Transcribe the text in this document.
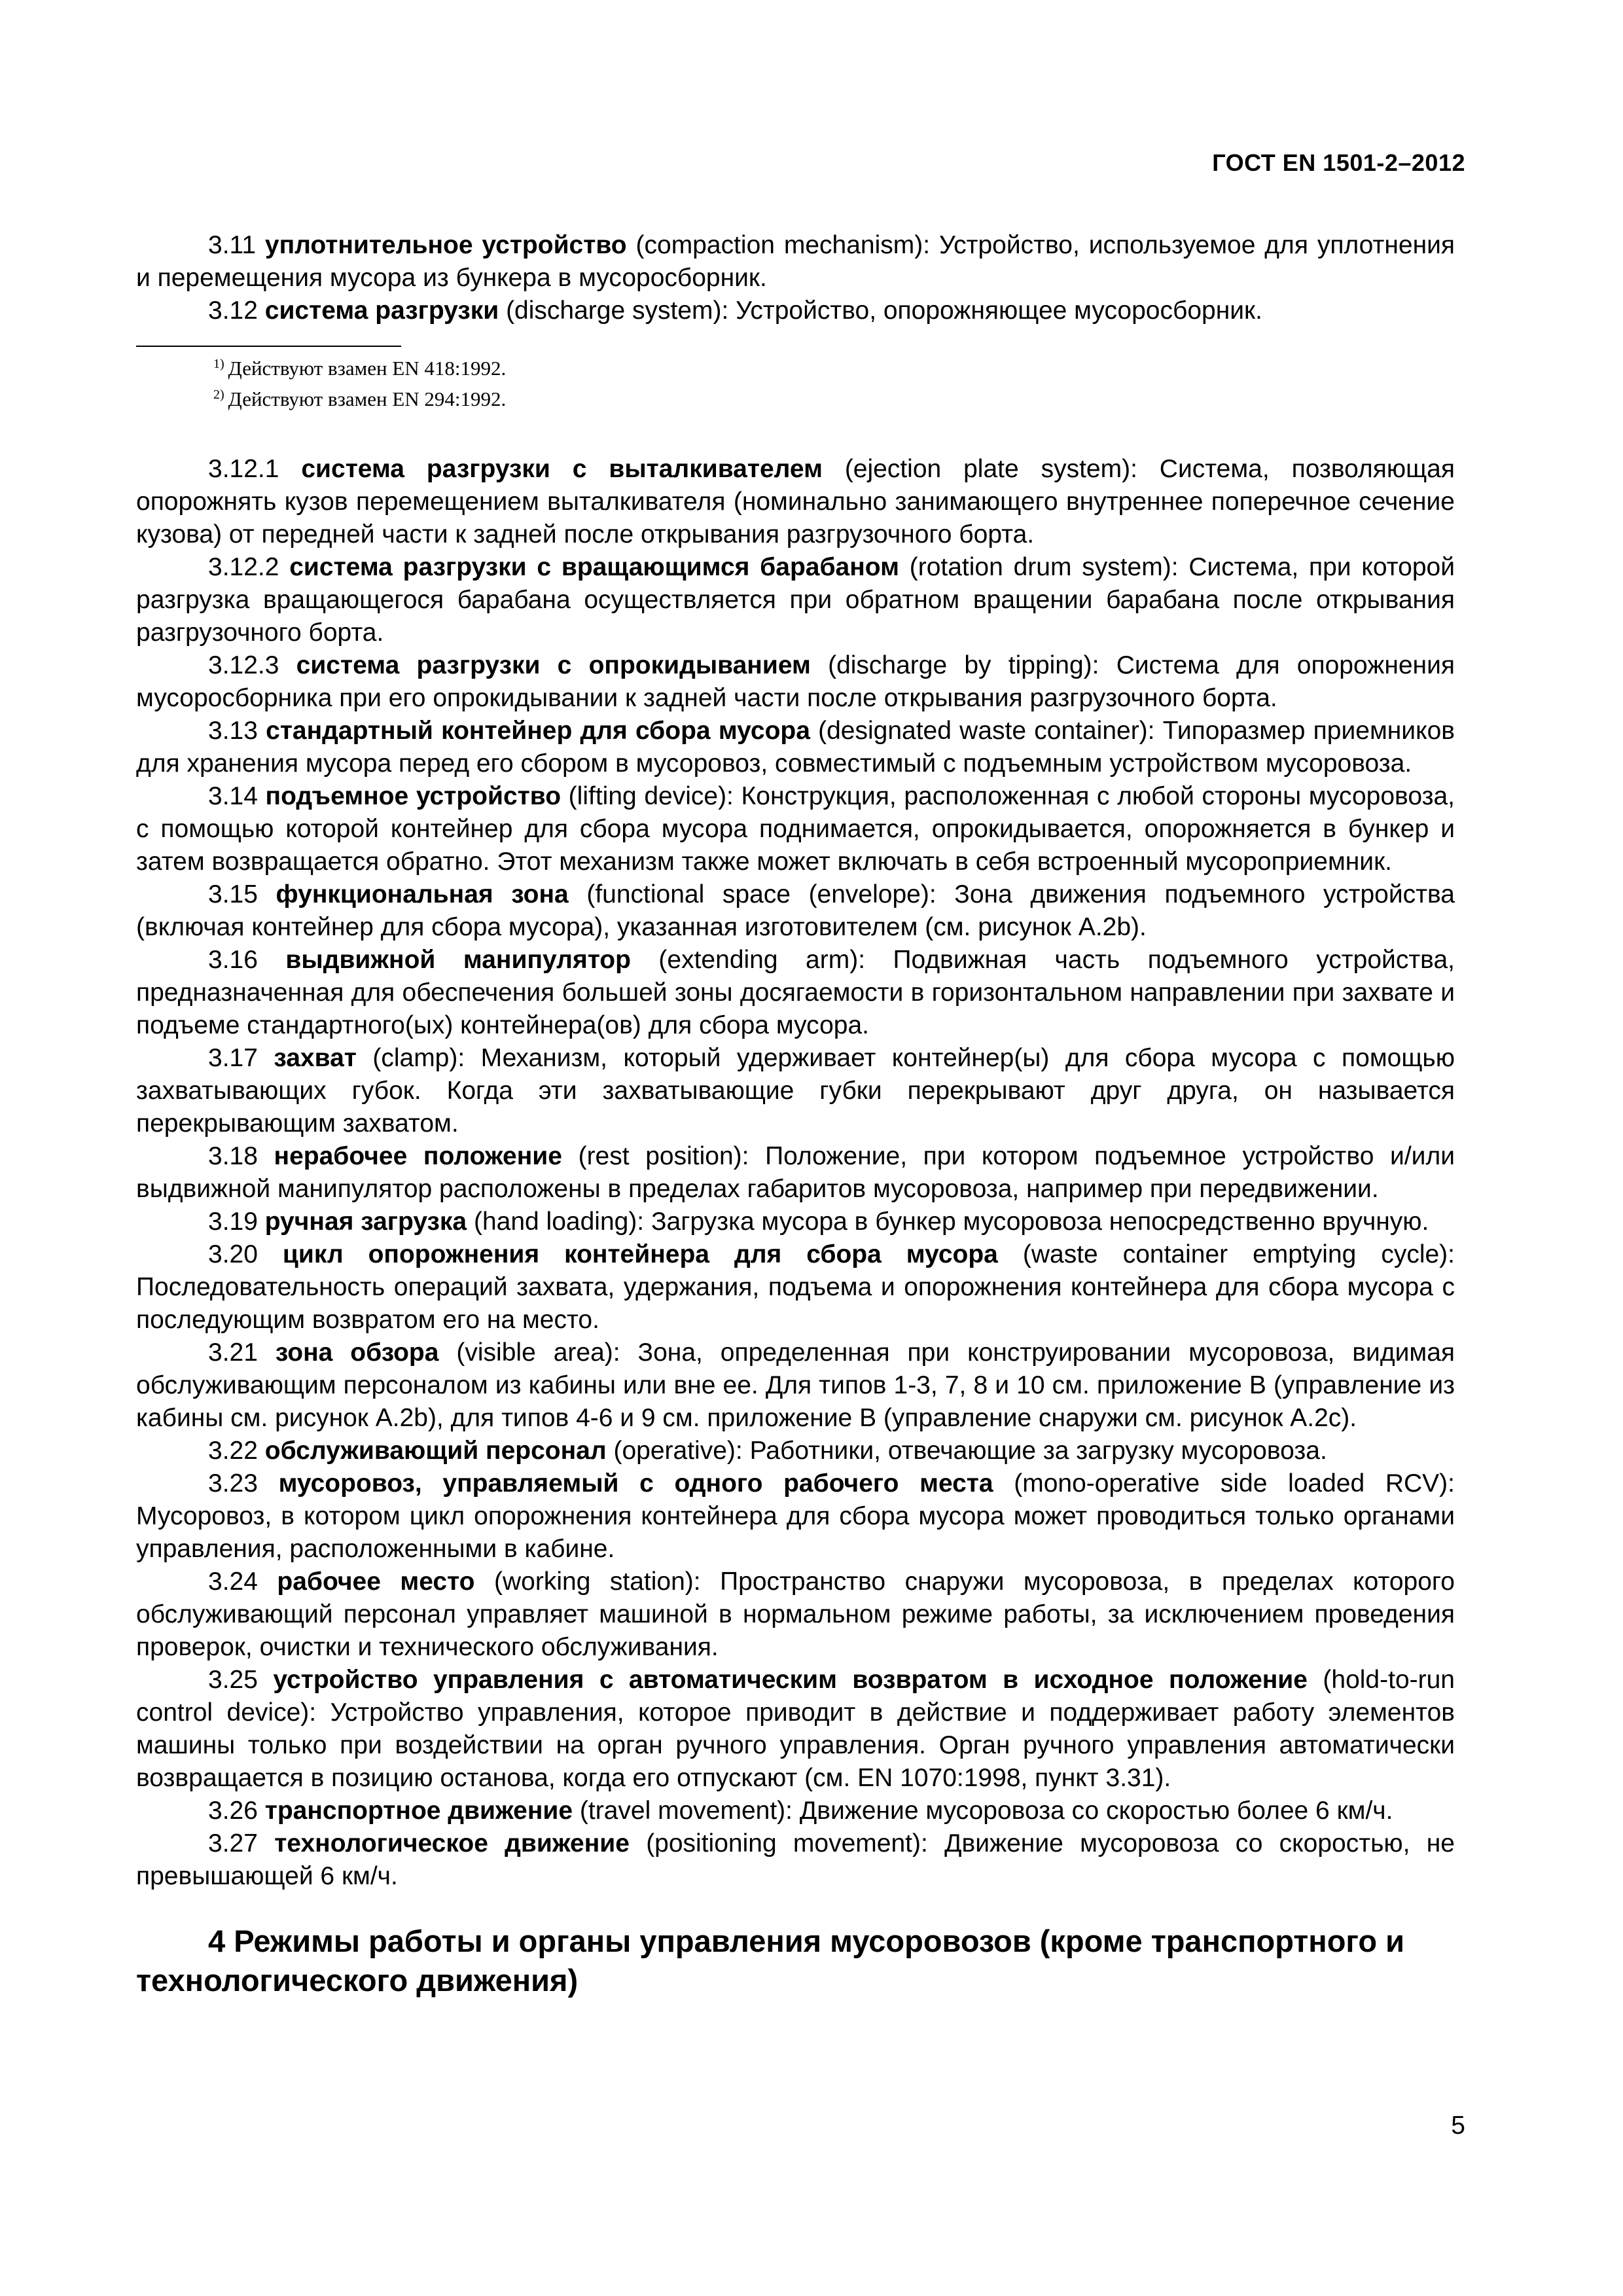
ГОСТ EN 1501-2–2012

3.11 уплотнительное устройство (compaction mechanism): Устройство, используемое для уплотнения и перемещения мусора из бункера в мусоросборник.

3.12 система разгрузки (discharge system): Устройство, опорожняющее мусоросборник.

$^{1)}$ Действуют взамен EN 418:1992.

$^{2)}$ Действуют взамен EN 294:1992.

3.12.1 система разгрузки с выталкивателем (ejection plate system): Система, позволяющая опорожнять кузов перемещением выталкивателя (номинально занимающего внутреннее поперечное сечение кузова) от передней части к задней после открывания разгрузочного борта.

3.12.2 система разгрузки с вращающимся барабаном (rotation drum system): Система, при которой разгрузка вращающегося барабана осуществляется при обратном вращении барабана после открывания разгрузочного борта.

3.12.3 система разгрузки с опрокидыванием (discharge by tipping): Система для опорожнения мусоросборника при его опрокидывании к задней части после открывания разгрузочного борта.

3.13 стандартный контейнер для сбора мусора (designated waste container): Типоразмер приемников для хранения мусора перед его сбором в мусоровоз, совместимый с подъемным устройством мусоровоза.

3.14 подъемное устройство (lifting device): Конструкция, расположенная с любой стороны мусоровоза, с помощью которой контейнер для сбора мусора поднимается, опрокидывается, опорожняется в бункер и затем возвращается обратно. Этот механизм также может включать в себя встроенный мусороприемник.

3.15 функциональная зона (functional space (envelope): Зона движения подъемного устройства (включая контейнер для сбора мусора), указанная изготовителем (см. рисунок А.2b).

3.16 выдвижной манипулятор (extending arm): Подвижная часть подъемного устройства, предназначенная для обеспечения большей зоны досягаемости в горизонтальном направлении при захвате и подъеме стандартного(ых) контейнера(ов) для сбора мусора.

3.17 захват (clamp): Механизм, который удерживает контейнер(ы) для сбора мусора с помощью захватывающих губок. Когда эти захватывающие губки перекрывают друг друга, он называется перекрывающим захватом.

3.18 нерабочее положение (rest position): Положение, при котором подъемное устройство и/или выдвижной манипулятор расположены в пределах габаритов мусоровоза, например при передвижении.

3.19 ручная загрузка (hand loading): Загрузка мусора в бункер мусоровоза непосредственно вручную.

3.20 цикл опорожнения контейнера для сбора мусора (waste container emptying cycle): Последовательность операций захвата, удержания, подъема и опорожнения контейнера для сбора мусора с последующим возвратом его на место.

3.21 зона обзора (visible area): Зона, определенная при конструировании мусоровоза, видимая обслуживающим персоналом из кабины или вне ее. Для типов 1-3, 7, 8 и 10 см. приложение В (управление из кабины см. рисунок А.2b), для типов 4-6 и 9 см. приложение В (управление снаружи см. рисунок А.2с).

3.22 обслуживающий персонал (operative): Работники, отвечающие за загрузку мусоровоза.

3.23 мусоровоз, управляемый с одного рабочего места (mono-operative side loaded RCV): Мусоровоз, в котором цикл опорожнения контейнера для сбора мусора может проводиться только органами управления, расположенными в кабине.

3.24 рабочее место (working station): Пространство снаружи мусоровоза, в пределах которого обслуживающий персонал управляет машиной в нормальном режиме работы, за исключением проведения проверок, очистки и технического обслуживания.

3.25 устройство управления с автоматическим возвратом в исходное положение (hold-to-run control device): Устройство управления, которое приводит в действие и поддерживает работу элементов машины только при воздействии на орган ручного управления. Орган ручного управления автоматически возвращается в позицию останова, когда его отпускают (см. EN 1070:1998, пункт 3.31).

3.26 транспортное движение (travel movement): Движение мусоровоза со скоростью более 6 км/ч.

3.27 технологическое движение (positioning movement): Движение мусоровоза со скоростью, не превышающей 6 км/ч.

4 Режимы работы и органы управления мусоровозов (кроме транспортного и технологического движения)

5
